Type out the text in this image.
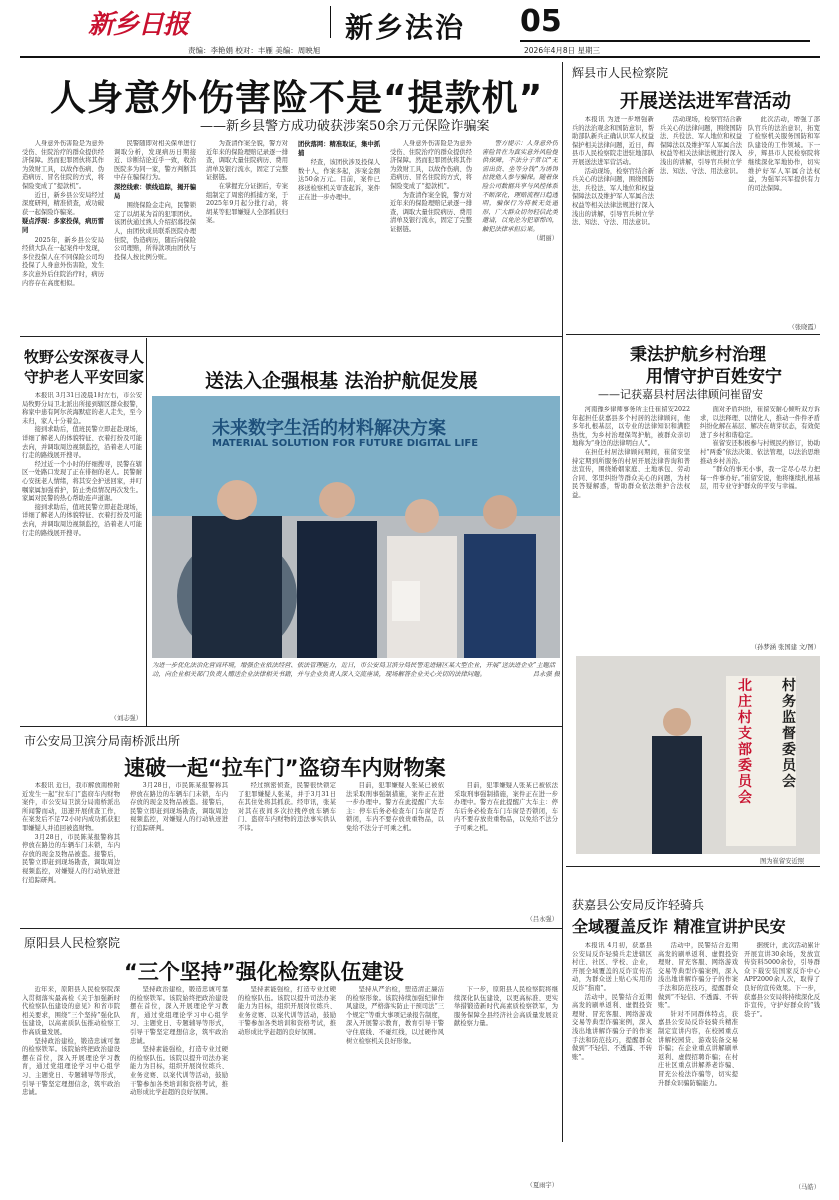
新乡日报	新乡法治 05
责编：李艳娟 校对：丰雁 美编：周映旭	2026年4月8日 星期三
人身意外伤害险不是“提款机”
——新乡县警方成功破获涉案50余万元保险诈骗案

人身意外伤害险是为意外受伤、住院治疗的群众提供经济保障。然而犯罪团伙将其作为敛财工具，以故作伤病、伪造病历、冒名住院的方式，将保险变成了“提款机”。

近日，新乡县公安局经过深度研判，精准侦查，成功破获一起保险诈骗案。

疑点浮现：多家投保，病历雷同

2025年，新乡县公安局经侦大队在一起案件中发现，多位投保人在不同保险公司均投保了人身意外伤害险，发生多次意外后住院治疗时，病历内容存在高度相似。

民警随即对相关保单进行调取分析，发现病历日期接近、诊断结论近乎一致，收治医院多为同一家，警方判断其中存在骗保行为。

深挖线索：锁线追踪，揭开骗局

围绕保险金走向，民警锁定了以胡某为首的犯罪团伙。该团伙通过熟人介绍招募投保人，由团伙成员联系医院办理住院，伪造病历，随后向保险公司理赔，所得款项由团伙与投保人按比例分赃。

为查清作案全貌，警方对近年来的保险理赔记录逐一排查，调取大量住院病历、费用清单及银行流水，固定了完整证据链。

在掌握充分证据后，专案组制定了周密的抓捕方案，于2025年9月起分批行动，将胡某等犯罪嫌疑人全部抓获归案。

团伙落网：精准取证，集中抓捕

经查，该团伙涉及投保人数十人，作案多起，涉案金额达50余万元。目前，案件已移送检察机关审查起诉，案件正在进一步办理中。

人身意外伤害险是为意外受伤、住院治疗的群众提供经济保障。然而犯罪团伙将其作为敛财工具，以故作伤病、伪造病历、冒名住院的方式，将保险变成了“提款机”。

为查清作案全貌，警方对近年来的保险理赔记录逐一排查，调取大量住院病历、费用清单及银行流水，固定了完整证据链。

警方提示：人身意外伤害险旨在为真实意外风险提供保障，不法分子常以“无需出资、坐等分钱”为诱饵拉拢他人参与骗保。随着保险公司数据共享与风控体系不断深化，理赔流程日趋透明，骗保行为将被无处遁形，广大群众切勿轻信此类邀请，以免沦为犯罪帮凶，触犯法律承担后果。

（胡丽）
辉县市人民检察院
开展送法进军营活动

本报讯 为进一步增强新兵的法治观念和国防意识，帮助部队新兵正确认识军人权益保护相关法律问题，近日，辉县市人民检察院走进驻地部队开展送法进军营活动。

活动现场，检察官结合新兵关心的法律问题，围绕国防法、兵役法、军人地位和权益保障法以及维护军人军属合法权益等相关法律法规进行深入浅出的讲解，引导官兵树立学法、知法、守法、用法意识。

活动现场，检察官结合新兵关心的法律问题，围绕国防法、兵役法、军人地位和权益保障法以及维护军人军属合法权益等相关法律法规进行深入浅出的讲解，引导官兵树立学法、知法、守法、用法意识。

此次活动，增强了部队官兵的法治意识，拓宽了检察机关服务国防和军队建设的工作领域。下一步，辉县市人民检察院将继续深化军地协作，切实维护好军人军属合法权益，为强军兴军提供有力的司法保障。

（张晓霞）
牧野公安深夜寻人
守护老人平安回家

本报讯 3月31日凌晨1时左右，市公安局牧野分局卫北派出所接到辖区群众报警，称家中患有阿尔茨海默症的老人走失，至今未归，家人十分着急。

接到求助后，值班民警立即赶赴现场，详细了解老人的体貌特征、衣着打扮及可能去向，并调取周边视频监控，沿着老人可能行走的路线展开搜寻。

经过近一个小时的仔细搜寻，民警在辖区一处路口发现了正在徘徊的老人。民警耐心安抚老人情绪，将其安全护送回家，并叮嘱家属加强看护，防止类似情况再次发生。家属对民警的热心帮助连声道谢。

接到求助后，值班民警立即赶赴现场，详细了解老人的体貌特征、衣着打扮及可能去向，并调取周边视频监控，沿着老人可能行走的路线展开搜寻。

（刘志强）
送法入企强根基 法治护航促发展
未来数字生活的材料解决方案
MATERIAL SOLUTION FOR FUTURE DIGITAL LIFE
为进一步优化法治化营商环境，增强企业依法经营、依法管理能力，近日，市公安局卫滨分局民警走进辖区某大型企业，开展“送法进企业”主题活动，向企业相关部门负责人赠送企业法律相关书籍，并与企业负责人深入交流座谈，现场解答企业关心关切的法律问题。	吕永强 摄
秉法护航乡村治理
用情守护百姓安宁
——记获嘉县村居法律顾问崔留安

河南豫乡律师事务所主任崔留安2022年起担任获嘉县多个村居的法律顾问，他多年扎根基层，以专业的法律知识和满腔热忱，为乡村治理保驾护航，被群众亲切地称为“身边的法律明白人”。

在担任村居法律顾问期间，崔留安坚持定期到所服务的村居开展法律咨询和普法宣传，围绕婚姻家庭、土地承包、劳动合同、邻里纠纷等群众关心的问题，为村民答疑解惑，帮助群众依法维护合法权益。

面对矛盾纠纷，崔留安耐心倾听双方诉求，以法释理、以情化人，推动一件件矛盾纠纷化解在基层、解决在萌芽状态，有效促进了乡村和谐稳定。

崔留安还积极参与村规民约修订，协助村“两委”依法决策、依法管理，以法治思维推动乡村善治。

“群众的事无小事，我一定尽心尽力把每一件事办好。”崔留安说，他将继续扎根基层，用专业守护群众的平安与幸福。

（孙梦涵 张国建 文/图）
村务监督委员会
北庄村支部委员会
图为崔留安近照
市公安局卫滨分局南桥派出所
速破一起“拉车门”盗窃车内财物案

本报讯 近日，我市解放南桥附近发生一起“拉车门”盗窃车内财物案件，市公安局卫滨分局南桥派出所闻警而动，迅速开展侦查工作，在案发后不足72小时内成功抓获犯罪嫌疑人并追回被盗财物。

3月28日，市民陈某报警称其停放在路边的车辆车门未锁，车内存放的现金及物品被盗。接警后，民警立即赶到现场勘查，调取周边视频监控，对嫌疑人的行动轨迹进行追踪研判。

3月28日，市民陈某报警称其停放在路边的车辆车门未锁，车内存放的现金及物品被盗。接警后，民警立即赶到现场勘查，调取周边视频监控，对嫌疑人的行动轨迹进行追踪研判。

经过缜密侦查，民警很快锁定了犯罪嫌疑人张某，并于3月31日在其住处将其抓获。经审讯，张某对其在夜间多次拉拽停放车辆车门、盗窃车内财物的违法事实供认不讳。

目前，犯罪嫌疑人张某已被依法采取刑事强制措施，案件正在进一步办理中。警方在此提醒广大车主：停车后务必检查车门车窗是否锁闭，车内不要存放贵重物品，以免给不法分子可乘之机。

目前，犯罪嫌疑人张某已被依法采取刑事强制措施，案件正在进一步办理中。警方在此提醒广大车主：停车后务必检查车门车窗是否锁闭，车内不要存放贵重物品，以免给不法分子可乘之机。

（吕永强）
原阳县人民检察院
“三个坚持”强化检察队伍建设

近年来，原阳县人民检察院深入贯彻落实最高检《关于加强新时代检察队伍建设的意见》和省市院相关要求，围绕“三个坚持”强化队伍建设，以高素质队伍推动检察工作高质量发展。

坚持政治建检，锻造忠诚可靠的检察铁军。该院始终把政治建设摆在首位，深入开展理论学习教育，通过党组理论学习中心组学习、主题党日、专题辅导等形式，引导干警坚定理想信念，筑牢政治忠诚。

坚持政治建检，锻造忠诚可靠的检察铁军。该院始终把政治建设摆在首位，深入开展理论学习教育，通过党组理论学习中心组学习、主题党日、专题辅导等形式，引导干警坚定理想信念，筑牢政治忠诚。

坚持素能强检，打造专业过硬的检察队伍。该院以提升司法办案能力为目标，组织开展岗位练兵、业务竞赛、以案代训等活动，鼓励干警参加各类培训和资格考试，推动形成比学赶超的良好氛围。

坚持素能强检，打造专业过硬的检察队伍。该院以提升司法办案能力为目标，组织开展岗位练兵、业务竞赛、以案代训等活动，鼓励干警参加各类培训和资格考试，推动形成比学赶超的良好氛围。

坚持从严治检，塑造清正廉洁的检察形象。该院持续加强纪律作风建设，严格落实防止干预司法“三个规定”等重大事项记录报告制度，深入开展警示教育，教育引导干警守住底线、不碰红线，以过硬作风树立检察机关良好形象。

下一步，原阳县人民检察院将继续深化队伍建设，以更高标准、更实举措锻造新时代高素质检察铁军，为服务保障全县经济社会高质量发展贡献检察力量。

（夏雨宇）
获嘉县公安局反诈轻骑兵
全域覆盖反诈 精准宣讲护民安

本报讯 4月初，获嘉县公安局反诈轻骑兵走进辖区村庄、社区、学校、企业，开展全域覆盖的反诈宣传活动，为群众送上贴心实用的反诈“指南”。

活动中，民警结合近期高发的刷单返利、虚假投资理财、冒充客服、网络游戏交易等典型诈骗案例，深入浅出地讲解诈骗分子的作案手法和防范技巧，提醒群众做到“不轻信、不透露、不转账”。

活动中，民警结合近期高发的刷单返利、虚假投资理财、冒充客服、网络游戏交易等典型诈骗案例，深入浅出地讲解诈骗分子的作案手法和防范技巧，提醒群众做到“不轻信、不透露、不转账”。

针对不同群体特点，获嘉县公安局反诈轻骑兵精准制定宣讲内容，在校园重点讲解校园贷、游戏装备交易诈骗；在企业重点讲解刷单返利、虚假招聘诈骗；在村庄社区重点讲解养老诈骗、冒充公检法诈骗等，切实提升群众识骗防骗能力。

据统计，此次活动累计开展宣讲30余场，发放宣传资料5000余份，引导群众下载安装国家反诈中心APP2000余人次，取得了良好的宣传效果。下一步，获嘉县公安局将持续深化反诈宣传，守护好群众的“钱袋子”。

（马皓）
